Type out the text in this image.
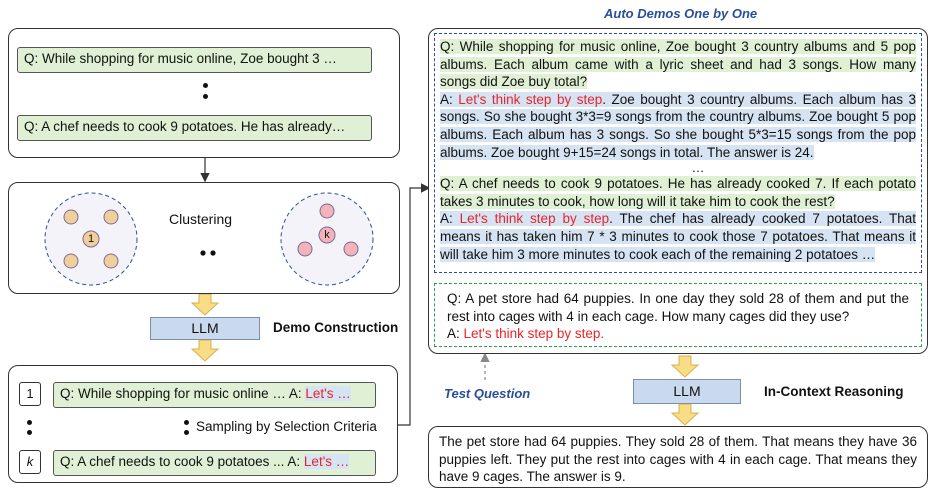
Q: While shopping for music online, Zoe bought 3 …
Q: A chef needs to cook 9 potatoes. He has already…
1	k
Clustering
LLM	Demo Construction
1	Q: While shopping for music online … A: Let's …
Sampling by Selection Criteria
k	Q: A chef needs to cook 9 potatoes ... A: Let's …
Auto Demos One by One
Q: While shopping for music online, Zoe bought 3 country albums and 5 pop albums. Each album came with a lyric sheet and had 3 songs. How many songs did Zoe buy total?
A: Let's think step by step. Zoe bought 3 country albums. Each album has 3 songs. So she bought 3*3=9 songs from the country albums. Zoe bought 5 pop albums. Each album has 3 songs. So she bought 5*3=15 songs from the pop albums. Zoe bought 9+15=24 songs in total. The answer is 24.
…
Q: A chef needs to cook 9 potatoes. He has already cooked 7. If each potato takes 3 minutes to cook, how long will it take him to cook the rest?
A: Let's think step by step. The chef has already cooked 7 potatoes. That means it has taken him 7 * 3 minutes to cook those 7 potatoes. That means it will take him 3 more minutes to cook each of the remaining 2 potatoes …
Q: A pet store had 64 puppies. In one day they sold 28 of them and put the rest into cages with 4 in each cage. How many cages did they use?
A: Let's think step by step.
Test Question	LLM	In-Context Reasoning
The pet store had 64 puppies. They sold 28 of them. That means they have 36 puppies left. They put the rest into cages with 4 in each cage. That means they have 9 cages. The answer is 9.
